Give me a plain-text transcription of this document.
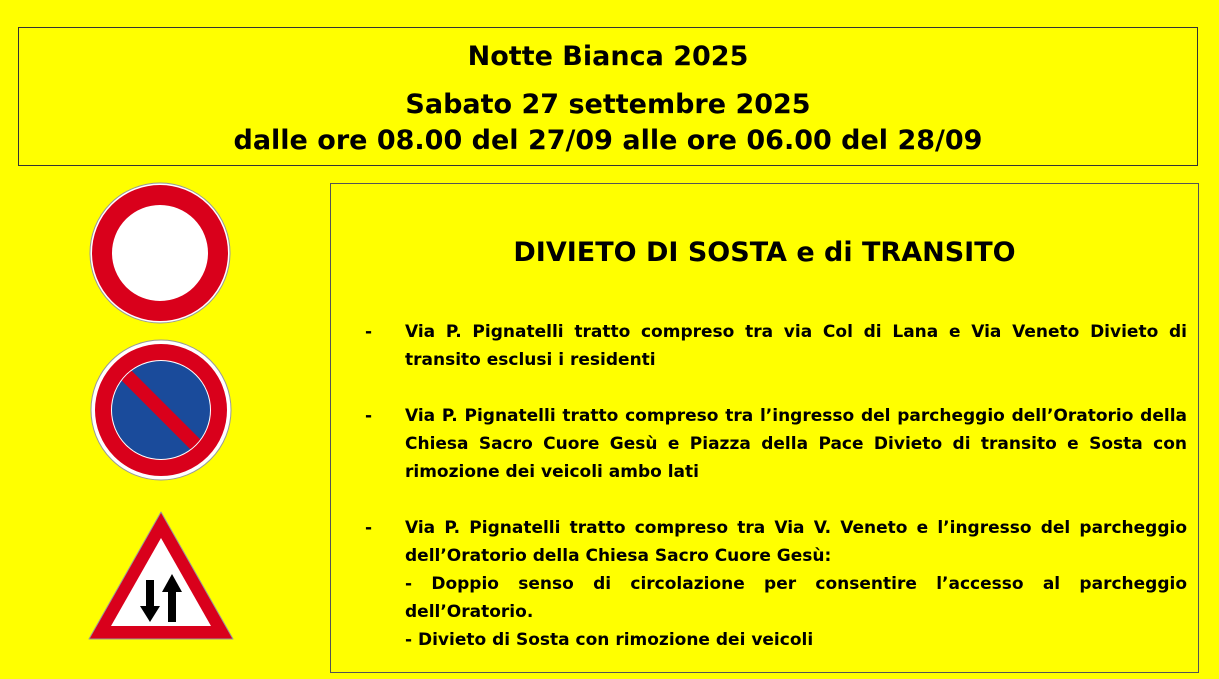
Notte Bianca 2025
Sabato 27 settembre 2025
dalle ore 08.00 del 27/09 alle ore 06.00 del 28/09
DIVIETO DI SOSTA e di TRANSITO
- Via P. Pignatelli tratto compreso tra via Col di Lana e Via Veneto Divieto di transito esclusi i residenti
- Via P. Pignatelli tratto compreso tra l’ingresso del parcheggio dell’Oratorio della Chiesa Sacro Cuore Gesù e Piazza della Pace Divieto di transito e Sosta con rimozione dei veicoli ambo lati
- Via P. Pignatelli tratto compreso tra Via V. Veneto e l’ingresso del parcheggio dell’Oratorio della Chiesa Sacro Cuore Gesù:
- Doppio senso di circolazione per consentire l’accesso al parcheggio dell’Oratorio.
- Divieto di Sosta con rimozione dei veicoli
